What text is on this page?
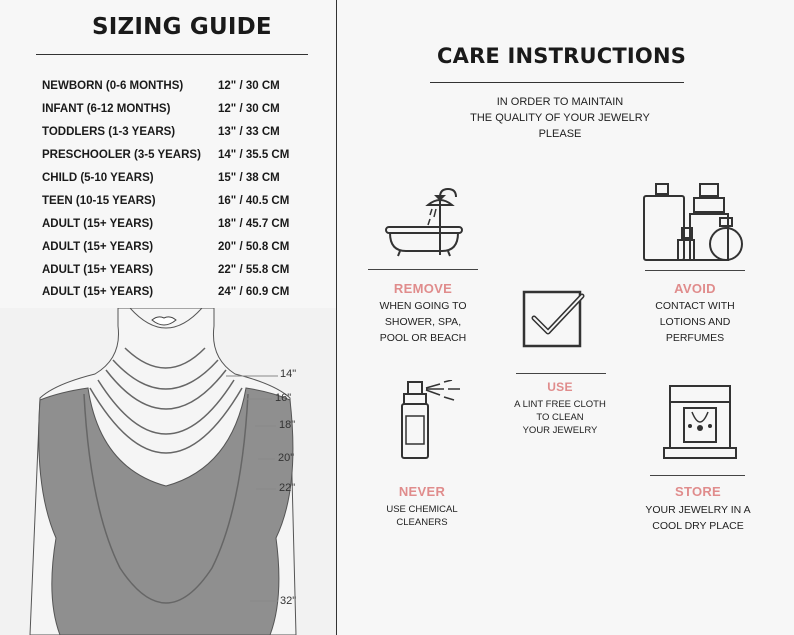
SIZING GUIDE
NEWBORN (0-6 MONTHS)	12" / 30 CM
INFANT (6-12 MONTHS)	12" / 30 CM
TODDLERS (1-3 YEARS)	13" / 33 CM
PRESCHOOLER (3-5 YEARS) 14" / 35.5 CM
CHILD (5-10 YEARS)	15" / 38 CM
TEEN (10-15 YEARS)	16" / 40.5 CM
ADULT (15+ YEARS)	18" / 45.7 CM
ADULT (15+ YEARS)	20" / 50.8 CM
ADULT (15+ YEARS)	22" / 55.8 CM
ADULT (15+ YEARS)	24" / 60.9 CM
14"
16"
18"
20"
22"
32"
CARE INSTRUCTIONS
IN ORDER TO MAINTAIN
THE QUALITY OF YOUR JEWELRY
PLEASE
REMOVE
WHEN GOING TO
SHOWER, SPA,
POOL OR BEACH
AVOID
CONTACT WITH
LOTIONS AND
PERFUMES
USE
A LINT FREE CLOTH
TO CLEAN
YOUR JEWELRY
NEVER
USE CHEMICAL
CLEANERS
STORE
YOUR JEWELRY IN A
COOL DRY PLACE
